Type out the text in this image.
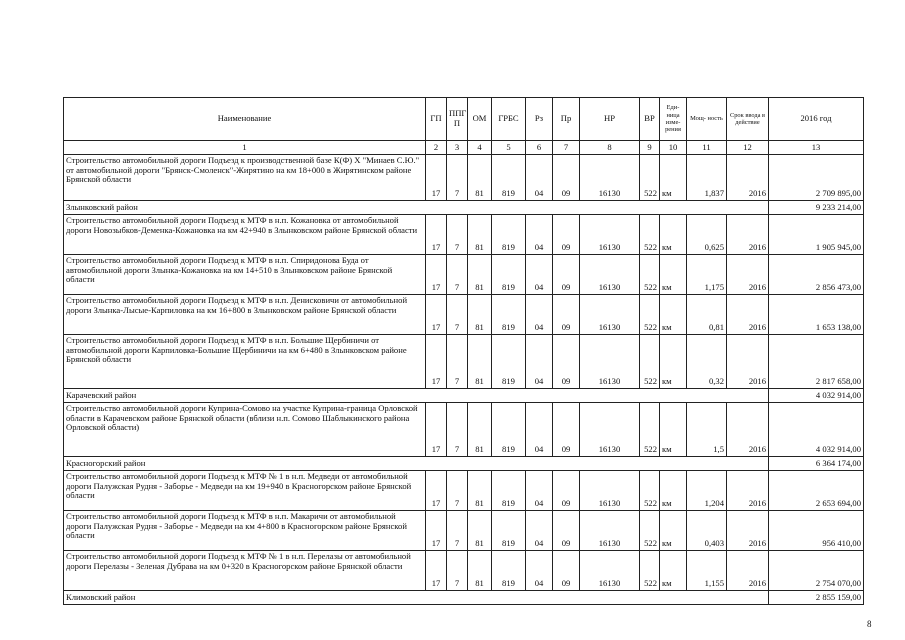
Наименование	ГП	ППГ П	ОМ	ГРБС	Рз	Пр	НР	ВР	Еди- ница изме- рения	Мощ- ность	Срок ввода в действие	2016 год
1	2	3	4	5	6	7	8	9	10	11	12	13
Строительство автомобильной дороги Подъезд к производственной базе К(Ф) Х "Минаев С.Ю." от автомобильной дороги "Брянск-Смоленск"-Жирятино на км 18+000 в Жирятинском районе Брянской области	17	7	81	819	04	09	16130	522	км	1,837	2016	2 709 895,00
Злынковский район												9 233 214,00
Строительство автомобильной дороги Подъезд к МТФ в н.п. Кожановка от автомобильной дороги Новозыбков-Деменка-Кожановка на км 42+940 в Злынковском районе Брянской области	17	7	81	819	04	09	16130	522	км	0,625	2016	1 905 945,00
Строительство автомобильной дороги Подъезд к МТФ в н.п. Спиридонова Буда от автомобильной дороги Злынка-Кожановка на км 14+510 в Злынковском районе Брянской области	17	7	81	819	04	09	16130	522	км	1,175	2016	2 856 473,00
Строительство автомобильной дороги Подъезд к МТФ в н.п. Денисковичи от автомобильной дороги Злынка-Лысые-Карпиловка на км 16+800 в Злынковском районе Брянской области	17	7	81	819	04	09	16130	522	км	0,81	2016	1 653 138,00
Строительство автомобильной дороги Подъезд к МТФ в н.п. Большие Щербиничи от автомобильной дороги Карпиловка-Большие Щербиничи на км 6+480 в Злынковском районе Брянской области	17	7	81	819	04	09	16130	522	км	0,32	2016	2 817 658,00
Карачевский район												4 032 914,00
Строительство автомобильной дороги Куприна-Сомово на участке Куприна-граница Орловской области в Карачевском районе Брянской области (вблизи н.п. Сомово Шаблыкинского района Орловской области)	17	7	81	819	04	09	16130	522	км	1,5	2016	4 032 914,00
Красногорский район												6 364 174,00
Строительство автомобильной дороги Подъезд к МТФ № 1 в н.п. Медведи от автомобильной дороги Палужская Рудня - Заборье - Медведи на км 19+940 в Красногорском районе Брянской области	17	7	81	819	04	09	16130	522	км	1,204	2016	2 653 694,00
Строительство автомобильной дороги Подъезд к МТФ в н.п. Макаричи от автомобильной дороги Палужская Рудня - Заборье - Медведи на км 4+800 в Красногорском районе Брянской области	17	7	81	819	04	09	16130	522	км	0,403	2016	956 410,00
Строительство автомобильной дороги Подъезд к МТФ № 1 в н.п. Перелазы от автомобильной дороги Перелазы - Зеленая Дубрава на км 0+320 в Красногорском районе Брянской области	17	7	81	819	04	09	16130	522	км	1,155	2016	2 754 070,00
Климовский район												2 855 159,00
8
